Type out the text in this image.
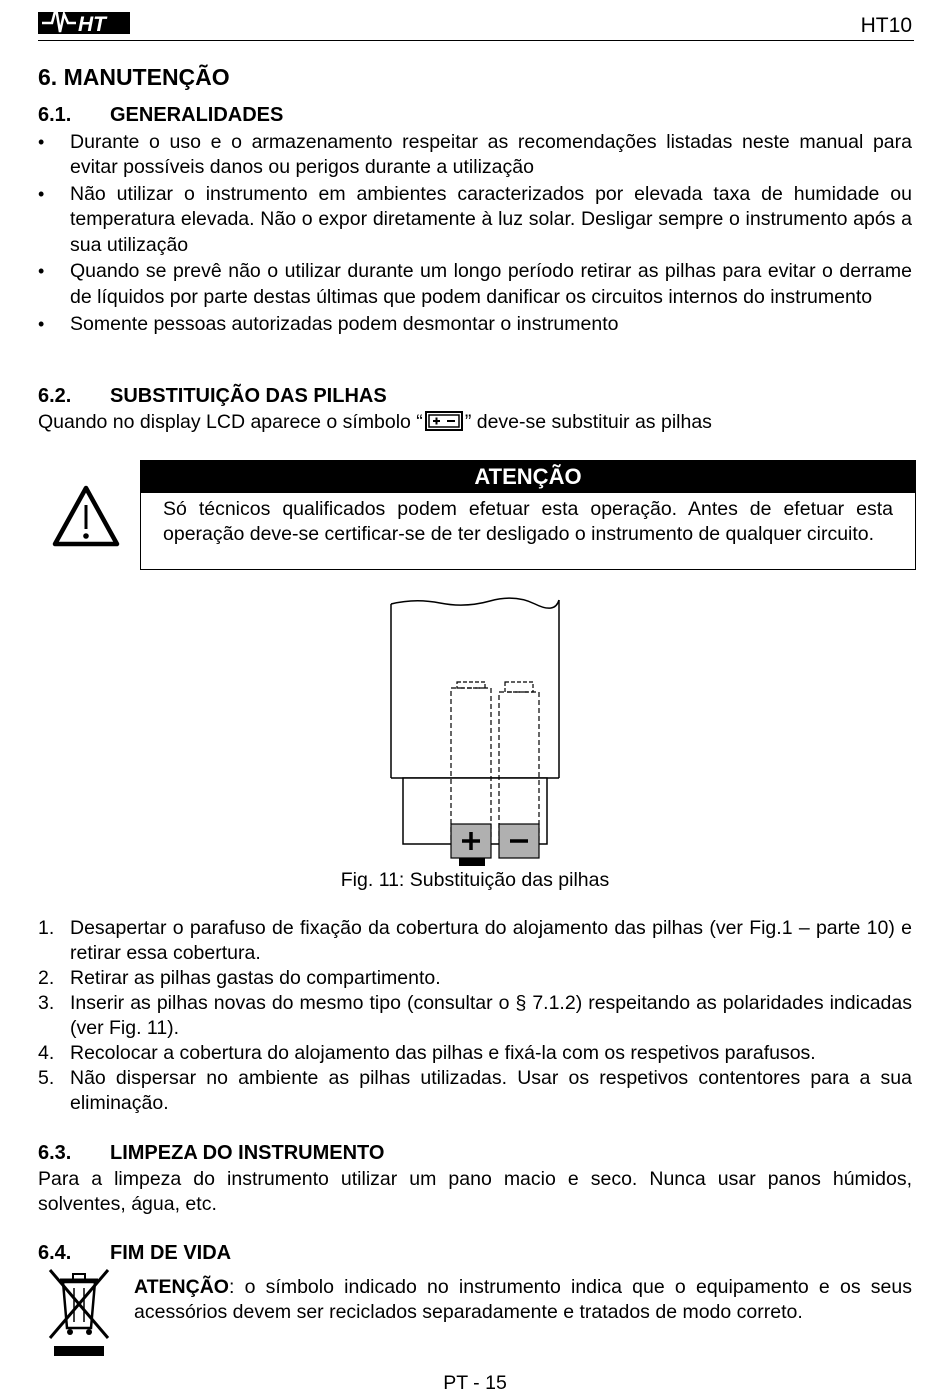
HT	HT10
6. MANUTENÇÃO
6.1. GENERALIDADES
• Durante o uso e o armazenamento respeitar as recomendações listadas neste manual para evitar possíveis danos ou perigos durante a utilização
• Não utilizar o instrumento em ambientes caracterizados por elevada taxa de humidade ou temperatura elevada. Não o expor diretamente à luz solar. Desligar sempre o instrumento após a sua utilização
• Quando se prevê não o utilizar durante um longo período retirar as pilhas para evitar o derrame de líquidos por parte destas últimas que podem danificar os circuitos internos do instrumento
• Somente pessoas autorizadas podem desmontar o instrumento
6.2. SUBSTITUIÇÃO DAS PILHAS
Quando no display LCD aparece o símbolo “ ” deve-se substituir as pilhas
ATENÇÃO
Só técnicos qualificados podem efetuar esta operação. Antes de efetuar esta operação deve-se certificar-se de ter desligado o instrumento de qualquer circuito.
Fig. 11: Substituição das pilhas
1. Desapertar o parafuso de fixação da cobertura do alojamento das pilhas (ver Fig.1 – parte 10) e retirar essa cobertura.
2. Retirar as pilhas gastas do compartimento.
3. Inserir as pilhas novas do mesmo tipo (consultar o § 7.1.2) respeitando as polaridades indicadas (ver Fig. 11).
4. Recolocar a cobertura do alojamento das pilhas e fixá-la com os respetivos parafusos.
5. Não dispersar no ambiente as pilhas utilizadas. Usar os respetivos contentores para a sua eliminação.
6.3. LIMPEZA DO INSTRUMENTO
Para a limpeza do instrumento utilizar um pano macio e seco. Nunca usar panos húmidos, solventes, água, etc.
6.4. FIM DE VIDA
ATENÇÃO: o símbolo indicado no instrumento indica que o equipamento e os seus acessórios devem ser reciclados separadamente e tratados de modo correto.
PT - 15
